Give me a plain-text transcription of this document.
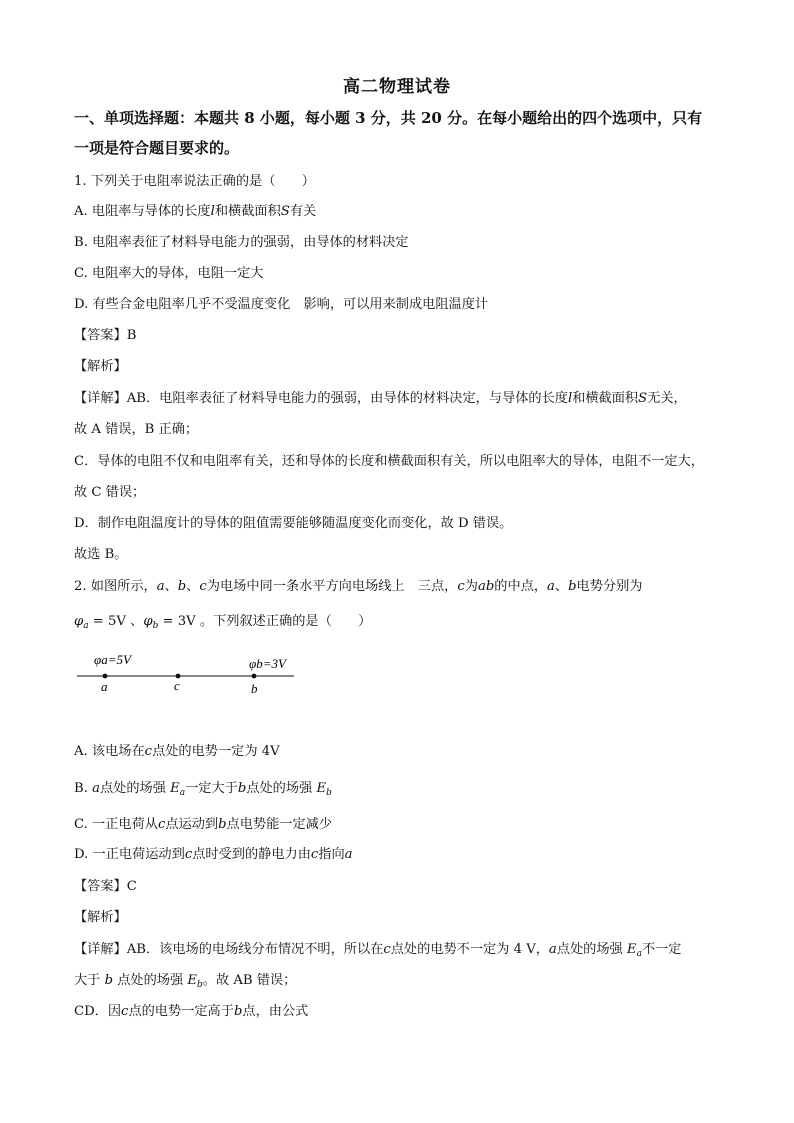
高二物理试卷
一、单项选择题：本题共 8 小题，每小题 3 分，共 20 分。在每小题给出的四个选项中，只有
一项是符合题目要求的。
1. 下列关于电阻率说法正确的是（　　）
A. 电阻率与导体的长度l和横截面积S有关
B. 电阻率表征了材料导电能力的强弱，由导体的材料决定
C. 电阻率大的导体，电阻一定大
D. 有些合金电阻率几乎不受温度变化　影响，可以用来制成电阻温度计
【答案】B
【解析】
【详解】AB．电阻率表征了材料导电能力的强弱，由导体的材料决定，与导体的长度l和横截面积S无关，
故 A 错误，B 正确；
C．导体的电阻不仅和电阻率有关，还和导体的长度和横截面积有关，所以电阻率大的导体，电阻不一定大，
故 C 错误；
D．制作电阻温度计的导体的阻值需要能够随温度变化而变化，故 D 错误。
故选 B。
2. 如图所示，a、b、c为电场中同一条水平方向电场线上　三点，c为ab的中点，a、b电势分别为
$\varphi_a = 5V$ 、$\varphi_b = 3V$ 。下列叙述正确的是（　　）
φa=5V	φb=3V
a	c	b
A. 该电场在c点处的电势一定为 4V
B. a点处的场强 $E_a$一定大于b点处的场强 $E_b$
C. 一正电荷从c点运动到b点电势能一定减少
D. 一正电荷运动到c点时受到的静电力由c指向a
【答案】C
【解析】
【详解】AB．该电场的电场线分布情况不明，所以在c点处的电势不一定为 4 V，a点处的场强 $E_a$不一定
大于 b 点处的场强 $E_b$。故 AB 错误；
CD．因c点的电势一定高于b点，由公式
